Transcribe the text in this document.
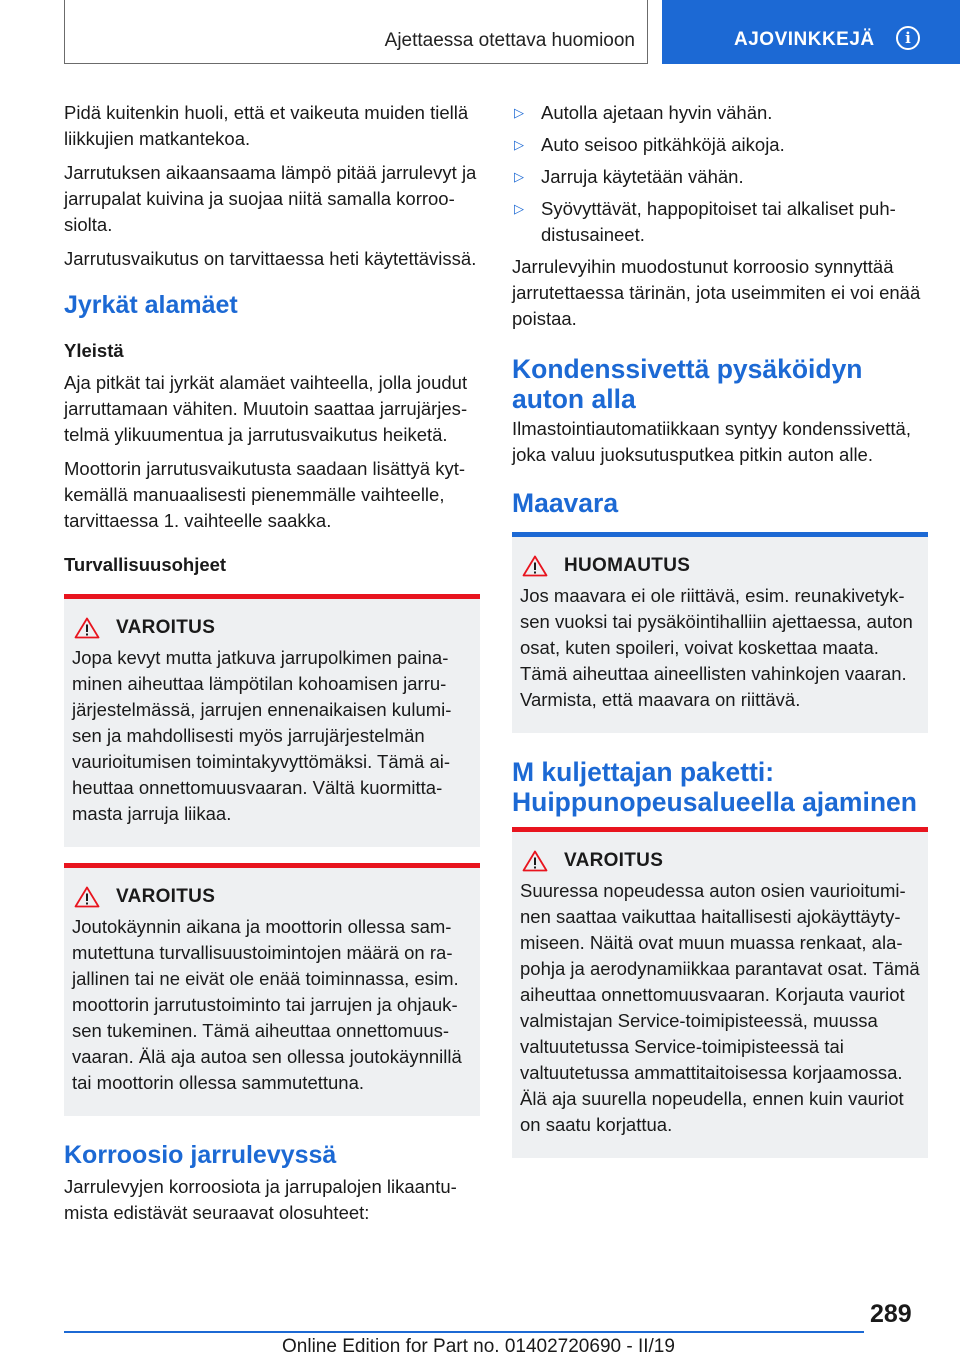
Ajettaessa otettava huomioon	AJOVINKKEJÄ	i

Pidä kuitenkin huoli, että et vaikeuta muiden tiellä liikkujien matkantekoa.

Jarrutuksen aikaansaama lämpö pitää jarrulevyt ja jarrupalat kuivina ja suojaa niitä samalla korroosiolta.

Jarrutusvaikutus on tarvittaessa heti käytettävissä.

Jyrkät alamäet
Yleistä

Aja pitkät tai jyrkät alamäet vaihteella, jolla joudut jarruttamaan vähiten. Muutoin saattaa jarrujärjestelmä ylikuumentua ja jarrutusvaikutus heiketä.

Moottorin jarrutusvaikutusta saadaan lisättyä kytkemällä manuaalisesti pienemmälle vaihteelle, tarvittaessa 1. vaihteelle saakka.

Turvallisuusohjeet
VAROITUS

Jopa kevyt mutta jatkuva jarrupolkimen painaminen aiheuttaa lämpötilan kohoamisen jarrujärjestelmässä, jarrujen ennenaikaisen kulumisen ja mahdollisesti myös jarrujärjestelmän vaurioitumisen toimintakyvyttömäksi. Tämä aiheuttaa onnettomuusvaaran. Vältä kuormittamasta jarruja liikaa.

VAROITUS

Joutokäynnin aikana ja moottorin ollessa sammutettuna turvallisuustoimintojen määrä on rajallinen tai ne eivät ole enää toiminnassa, esim. moottorin jarrutustoiminto tai jarrujen ja ohjauksen tukeminen. Tämä aiheuttaa onnettomuusvaaran. Älä aja autoa sen ollessa joutokäynnillä tai moottorin ollessa sammutettuna.

Korroosio jarrulevyssä

Jarrulevyjen korroosiota ja jarrupalojen likaantumista edistävät seuraavat olosuhteet:

▷ Autolla ajetaan hyvin vähän.
▷ Auto seisoo pitkähköjä aikoja.
▷ Jarruja käytetään vähän.
▷ Syövyttävät, happopitoiset tai alkaliset puhdistusaineet.

Jarrulevyihin muodostunut korroosio synnyttää jarrutettaessa tärinän, jota useimmiten ei voi enää poistaa.

Kondenssivettä pysäköidyn auton alla

Ilmastointiautomatiikkaan syntyy kondenssivettä, joka valuu juoksutusputkea pitkin auton alle.

Maavara
HUOMAUTUS

Jos maavara ei ole riittävä, esim. reunakivetyksen vuoksi tai pysäköintihalliin ajettaessa, auton osat, kuten spoileri, voivat koskettaa maata. Tämä aiheuttaa aineellisten vahinkojen vaaran. Varmista, että maavara on riittävä.

M kuljettajan paketti: Huippunopeusalueella ajaminen
VAROITUS

Suuressa nopeudessa auton osien vaurioituminen saattaa vaikuttaa haitallisesti ajokäyttäytymiseen. Näitä ovat muun muassa renkaat, alapohja ja aerodynamiikkaa parantavat osat. Tämä aiheuttaa onnettomuusvaaran. Korjauta vauriot valmistajan Service-toimipisteessä, muussa valtuutetussa Service-toimipisteessä tai valtuutetussa ammattitaitoisessa korjaamossa. Älä aja suurella nopeudella, ennen kuin vauriot on saatu korjattua.

289
Online Edition for Part no. 01402720690 - II/19
